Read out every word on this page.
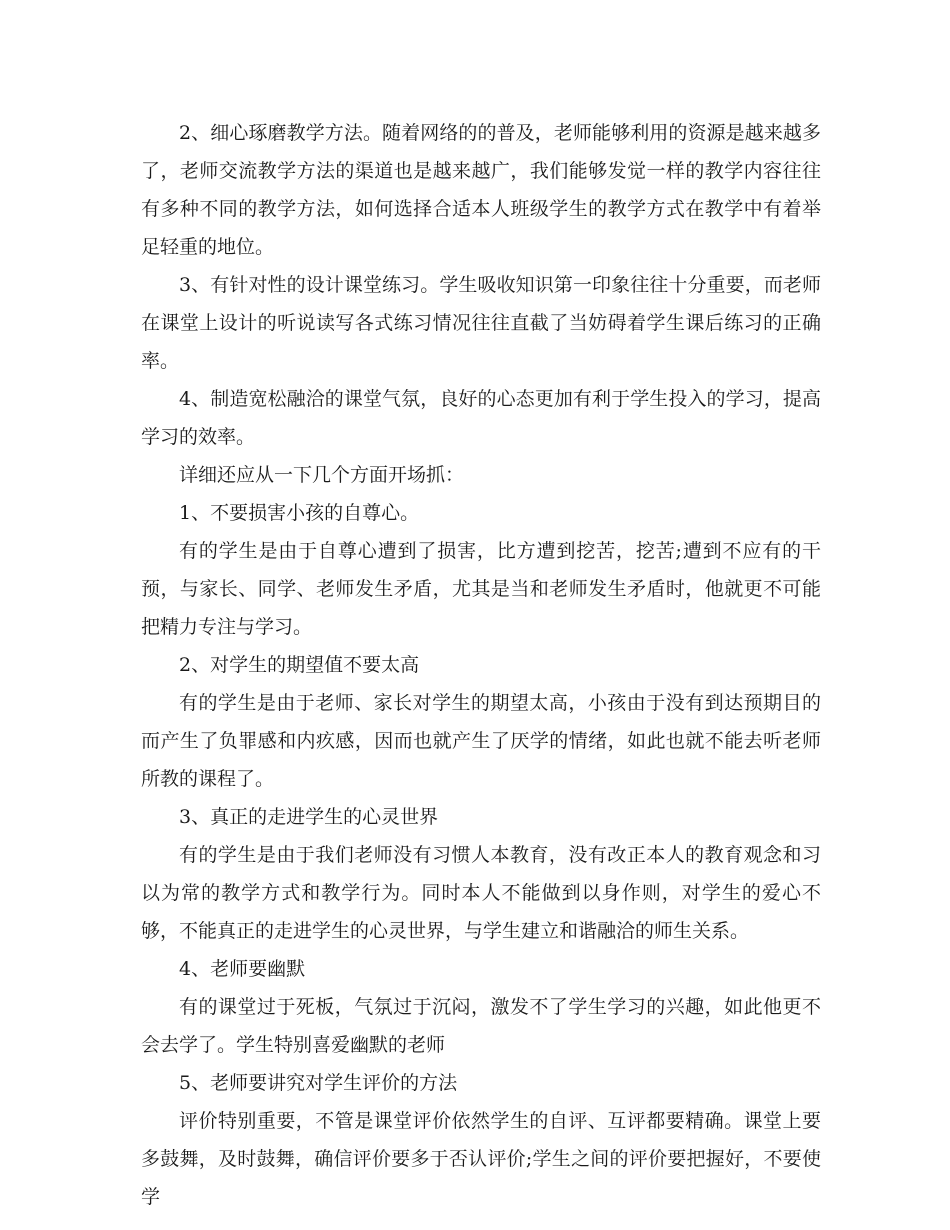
2、细心琢磨教学方法。随着网络的的普及，老师能够利用的资源是越来越多了，老师交流教学方法的渠道也是越来越广，我们能够发觉一样的教学内容往往有多种不同的教学方法，如何选择合适本人班级学生的教学方式在教学中有着举足轻重的地位。

3、有针对性的设计课堂练习。学生吸收知识第一印象往往十分重要，而老师在课堂上设计的听说读写各式练习情况往往直截了当妨碍着学生课后练习的正确率。

4、制造宽松融洽的课堂气氛，良好的心态更加有利于学生投入的学习，提高学习的效率。

详细还应从一下几个方面开场抓：

1、不要损害小孩的自尊心。

有的学生是由于自尊心遭到了损害，比方遭到挖苦，挖苦;遭到不应有的干预，与家长、同学、老师发生矛盾，尤其是当和老师发生矛盾时，他就更不可能把精力专注与学习。

2、对学生的期望值不要太高

有的学生是由于老师、家长对学生的期望太高，小孩由于没有到达预期目的而产生了负罪感和内疚感，因而也就产生了厌学的情绪，如此也就不能去听老师所教的课程了。

3、真正的走进学生的心灵世界

有的学生是由于我们老师没有习惯人本教育，没有改正本人的教育观念和习以为常的教学方式和教学行为。同时本人不能做到以身作则，对学生的爱心不够，不能真正的走进学生的心灵世界，与学生建立和谐融洽的师生关系。

4、老师要幽默

有的课堂过于死板，气氛过于沉闷，激发不了学生学习的兴趣，如此他更不会去学了。学生特别喜爱幽默的老师

5、老师要讲究对学生评价的方法

评价特别重要，不管是课堂评价依然学生的自评、互评都要精确。课堂上要多鼓舞，及时鼓舞，确信评价要多于否认评价;学生之间的评价要把握好，不要使学
